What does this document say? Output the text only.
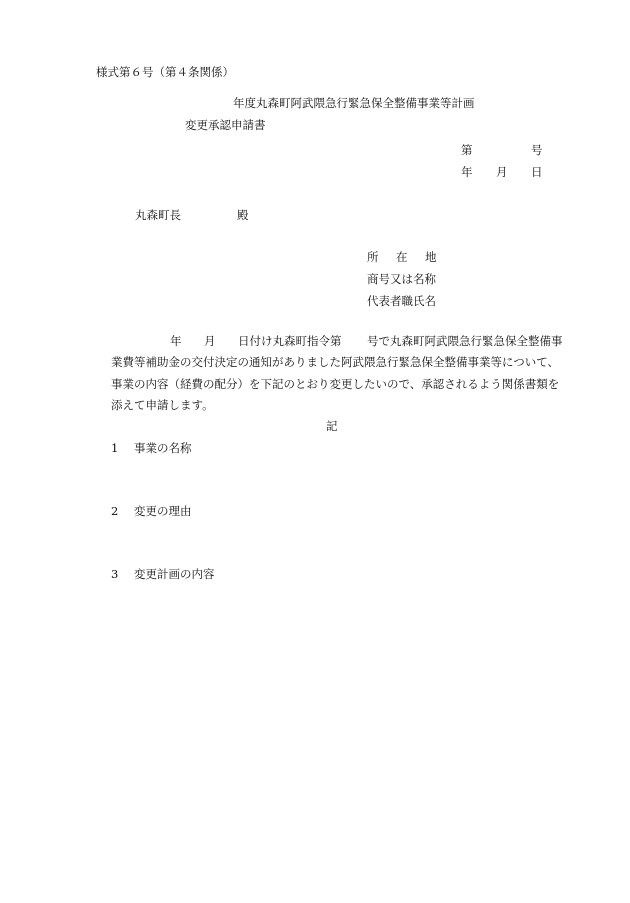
様式第６号（第４条関係）
年度丸森町阿武隈急行緊急保全整備事業等計画
変更承認申請書
第	号
年 月 日
丸森町長	殿
所 在 地
商号又は名称
代表者職氏名
年 月 日付け丸森町指令第 号で丸森町阿武隈急行緊急保全整備事
業費等補助金の交付決定の通知がありました阿武隈急行緊急保全整備事業等について、
事業の内容（経費の配分）を下記のとおり変更したいので、承認されるよう関係書類を
添えて申請します。
記
1 事業の名称
2 変更の理由
3 変更計画の内容
